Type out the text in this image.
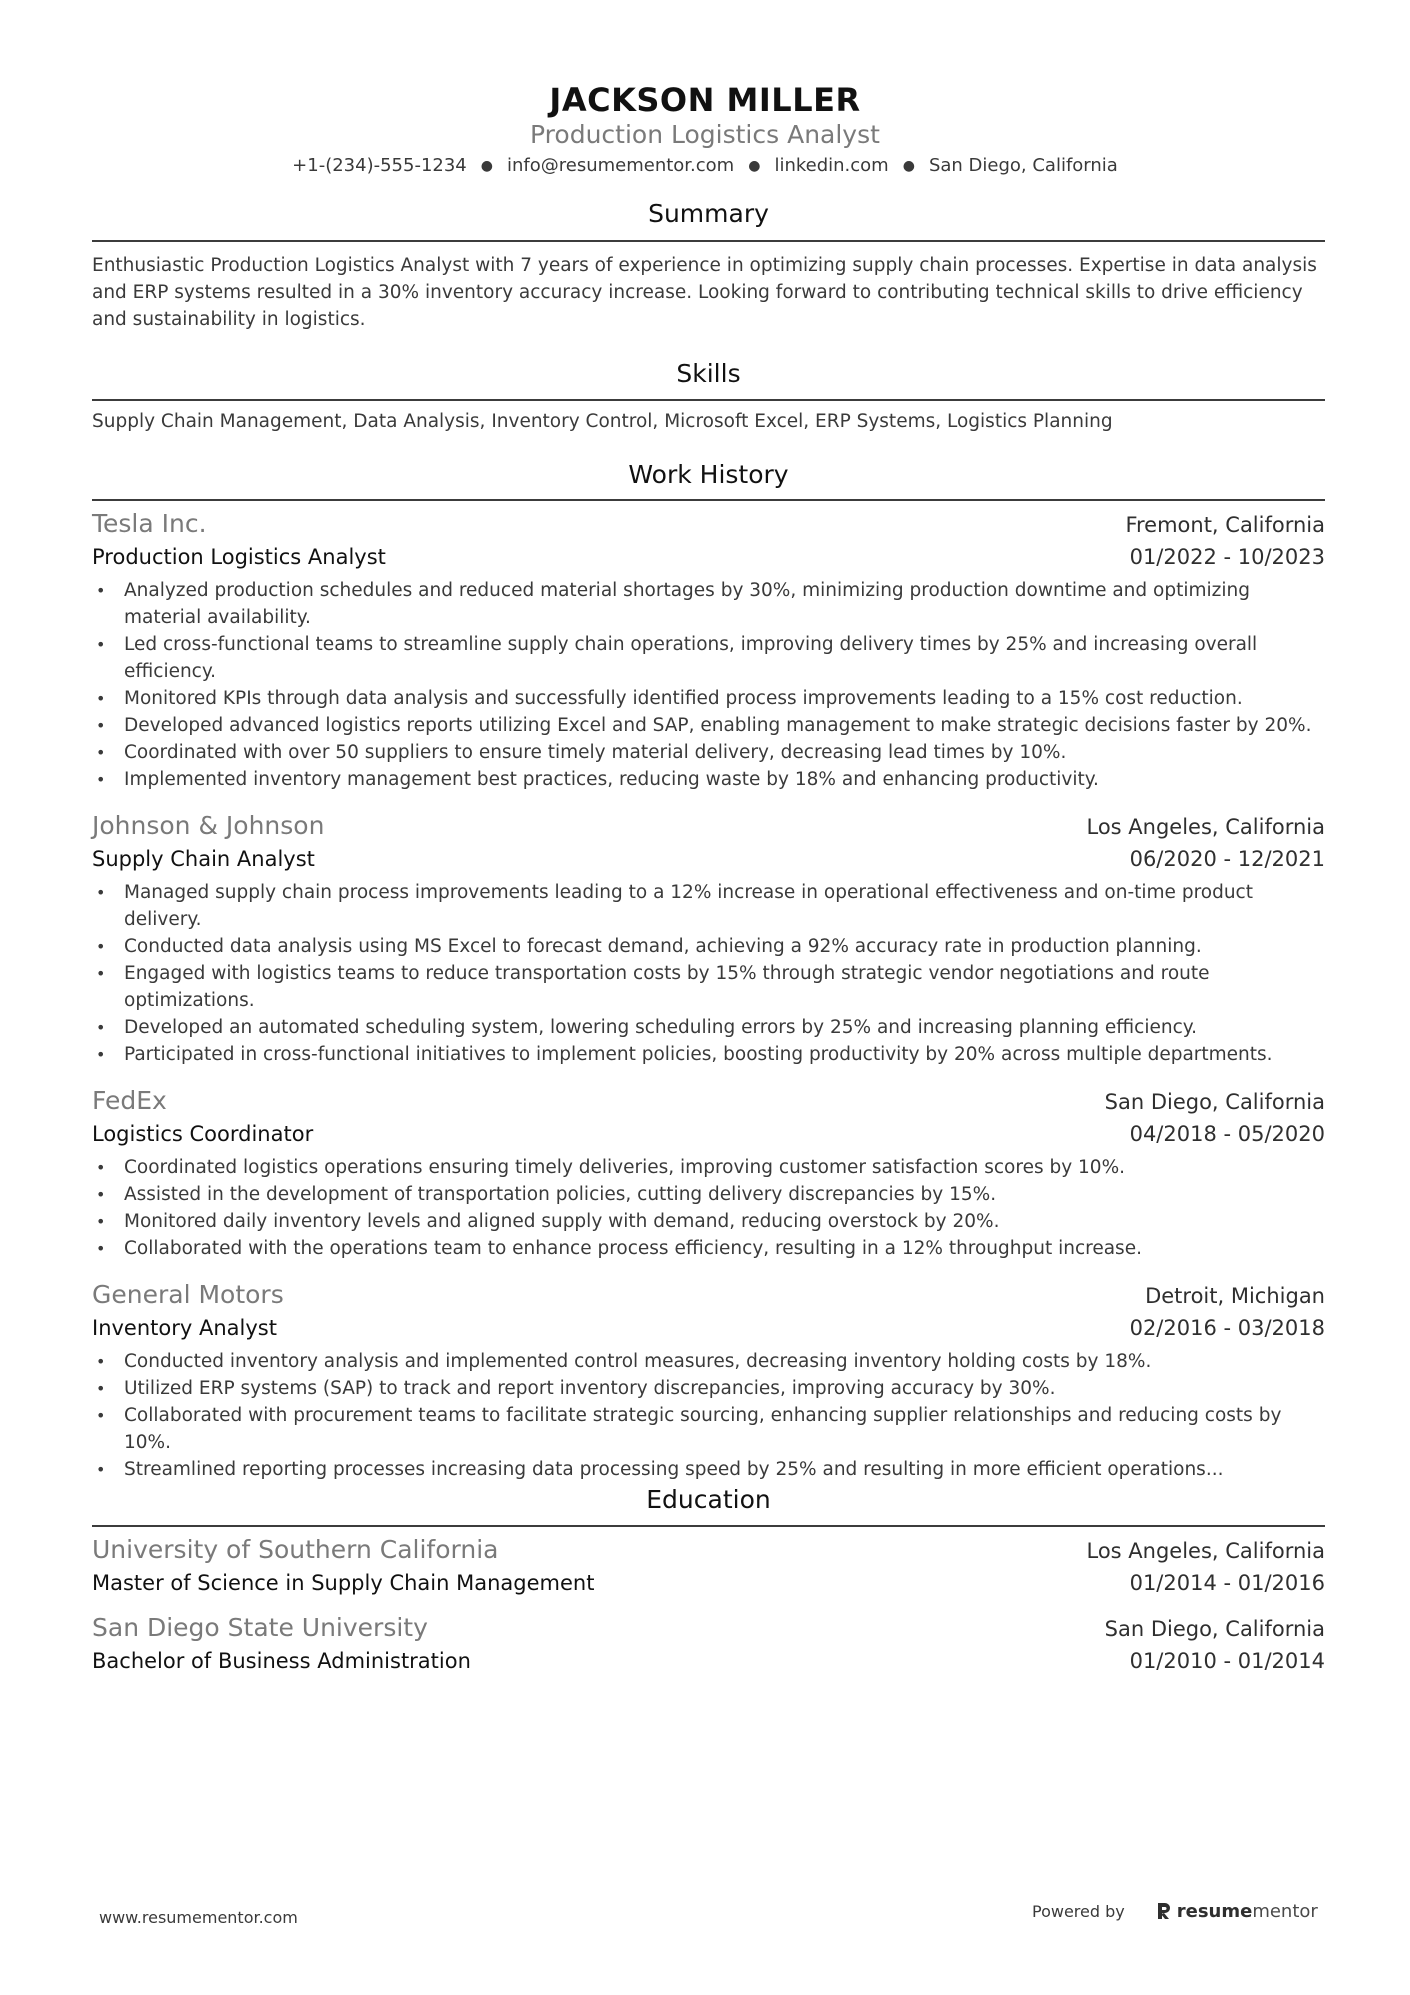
JACKSON MILLER
Production Logistics Analyst
+1-(234)-555-1234 ● info@resumementor.com ● linkedin.com ● San Diego, California
Summary
Enthusiastic Production Logistics Analyst with 7 years of experience in optimizing supply chain processes. Expertise in data analysis and ERP systems resulted in a 30% inventory accuracy increase. Looking forward to contributing technical skills to drive efficiency and sustainability in logistics.
Skills
Supply Chain Management, Data Analysis, Inventory Control, Microsoft Excel, ERP Systems, Logistics Planning
Work History
Tesla Inc.	Fremont, California
Production Logistics Analyst	01/2022 - 10/2023
• Analyzed production schedules and reduced material shortages by 30%, minimizing production downtime and optimizing material availability.
• Led cross-functional teams to streamline supply chain operations, improving delivery times by 25% and increasing overall efficiency.
• Monitored KPIs through data analysis and successfully identified process improvements leading to a 15% cost reduction.
• Developed advanced logistics reports utilizing Excel and SAP, enabling management to make strategic decisions faster by 20%.
• Coordinated with over 50 suppliers to ensure timely material delivery, decreasing lead times by 10%.
• Implemented inventory management best practices, reducing waste by 18% and enhancing productivity.
Johnson & Johnson	Los Angeles, California
Supply Chain Analyst	06/2020 - 12/2021
• Managed supply chain process improvements leading to a 12% increase in operational effectiveness and on-time product delivery.
• Conducted data analysis using MS Excel to forecast demand, achieving a 92% accuracy rate in production planning.
• Engaged with logistics teams to reduce transportation costs by 15% through strategic vendor negotiations and route optimizations.
• Developed an automated scheduling system, lowering scheduling errors by 25% and increasing planning efficiency.
• Participated in cross-functional initiatives to implement policies, boosting productivity by 20% across multiple departments.
FedEx	San Diego, California
Logistics Coordinator	04/2018 - 05/2020
• Coordinated logistics operations ensuring timely deliveries, improving customer satisfaction scores by 10%.
• Assisted in the development of transportation policies, cutting delivery discrepancies by 15%.
• Monitored daily inventory levels and aligned supply with demand, reducing overstock by 20%.
• Collaborated with the operations team to enhance process efficiency, resulting in a 12% throughput increase.
General Motors	Detroit, Michigan
Inventory Analyst	02/2016 - 03/2018
• Conducted inventory analysis and implemented control measures, decreasing inventory holding costs by 18%.
• Utilized ERP systems (SAP) to track and report inventory discrepancies, improving accuracy by 30%.
• Collaborated with procurement teams to facilitate strategic sourcing, enhancing supplier relationships and reducing costs by 10%.
• Streamlined reporting processes increasing data processing speed by 25% and resulting in more efficient operations...
Education
University of Southern California	Los Angeles, California
Master of Science in Supply Chain Management	01/2014 - 01/2016
San Diego State University	San Diego, California
Bachelor of Business Administration	01/2010 - 01/2014
www.resumementor.com	Powered by	resume mentor
